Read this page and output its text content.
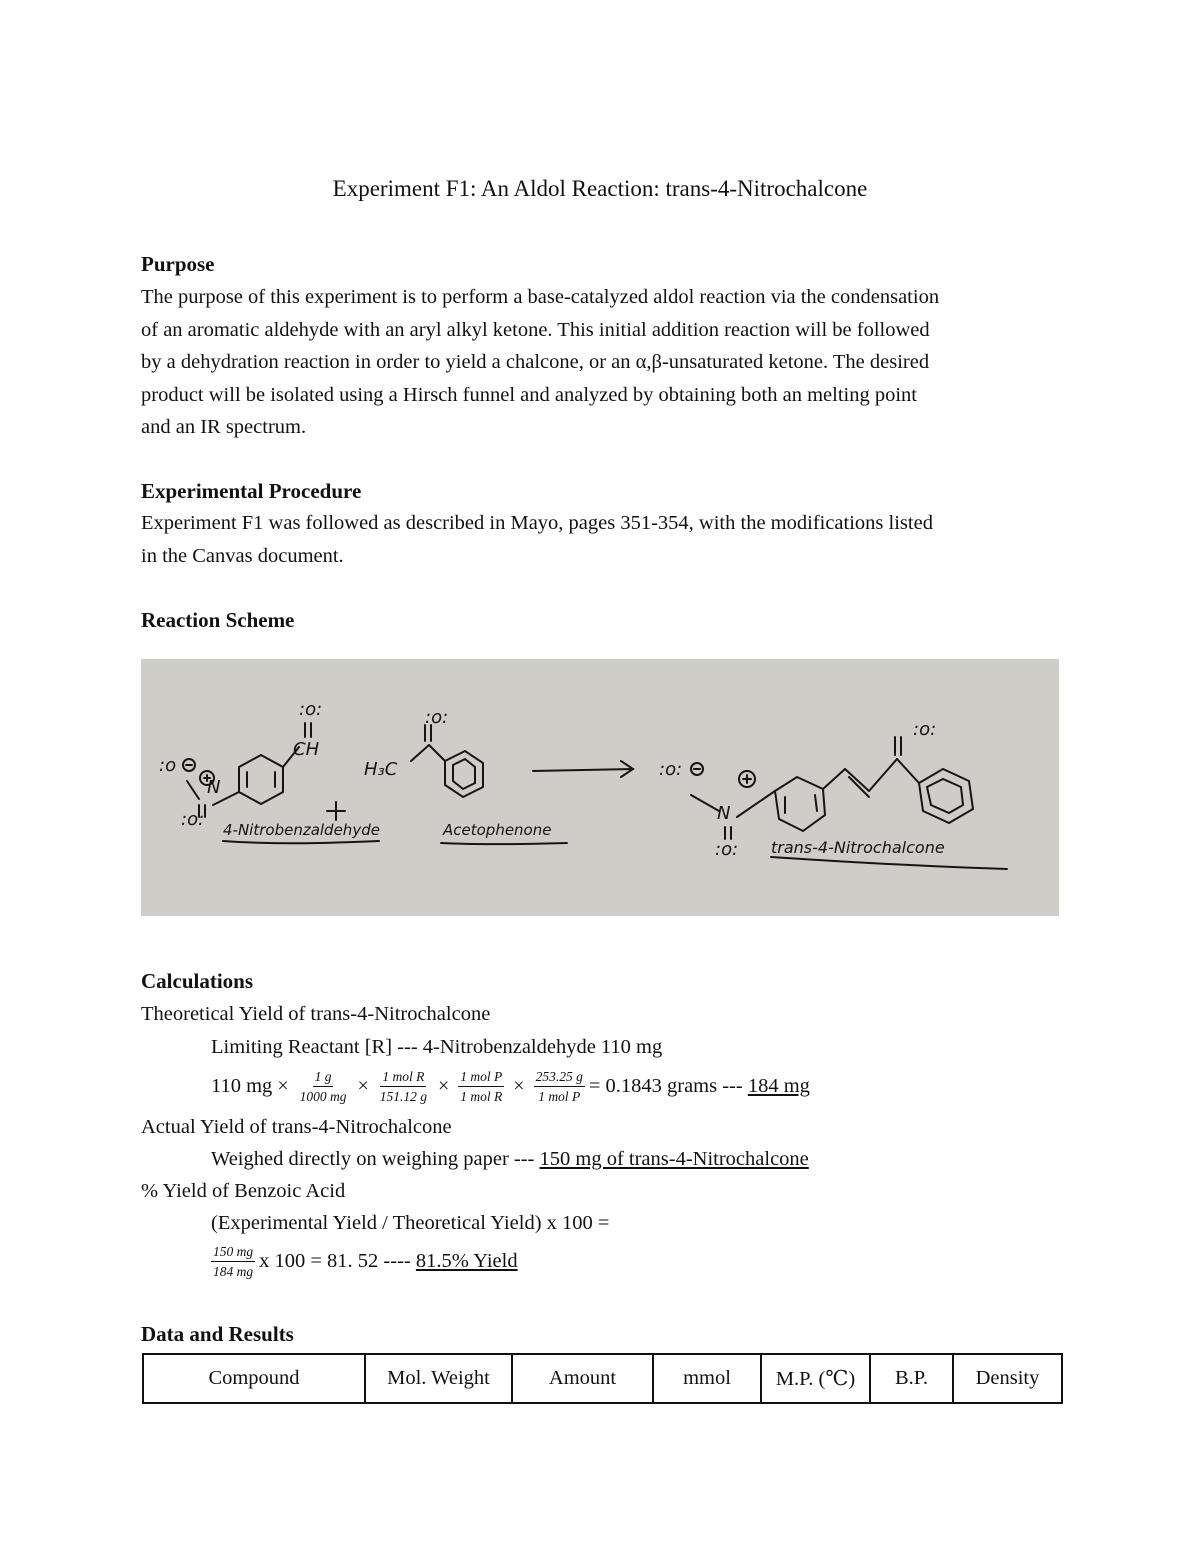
Experiment F1: An Aldol Reaction: trans-4-Nitrochalcone
Purpose
The purpose of this experiment is to perform a base-catalyzed aldol reaction via the condensation
of an aromatic aldehyde with an aryl alkyl ketone. This initial addition reaction will be followed
by a dehydration reaction in order to yield a chalcone, or an α,β-unsaturated ketone. The desired
product will be isolated using a Hirsch funnel and analyzed by obtaining both an melting point
and an IR spectrum.
Experimental Procedure
Experiment F1 was followed as described in Mayo, pages 351-354, with the modifications listed
in the Canvas document.
Reaction Scheme
:o:
CH
:o
N
:o:
H₃C
:o:
:o:
N
:o:
:o:
4-Nitrobenzaldehyde	Acetophenone
trans-4-Nitrochalcone
Calculations
Theoretical Yield of trans-4-Nitrochalcone
Limiting Reactant [R] --- 4-Nitrobenzaldehyde 110 mg
110 mg × $\frac{1 g}{1000 mg} \times \frac{\text{1 mol R}}{151.12 g} \times \frac{\text{1 mol P}}{\text{1 mol R}} \times \frac{253.25 g}{\text{1 mol P}} = 0.1843$ grams --- 184 mg
Actual Yield of trans-4-Nitrochalcone
Weighed directly on weighing paper --- 150 mg of trans-4-Nitrochalcone
% Yield of Benzoic Acid
(Experimental Yield / Theoretical Yield) x 100 =
$\frac{150 mg}{184 mg}$ x 100 = 81. 52 ---- 81.5% Yield
Data and Results
Compound	Mol. Weight	Amount	mmol	M.P. (℃)	B.P.	Density
